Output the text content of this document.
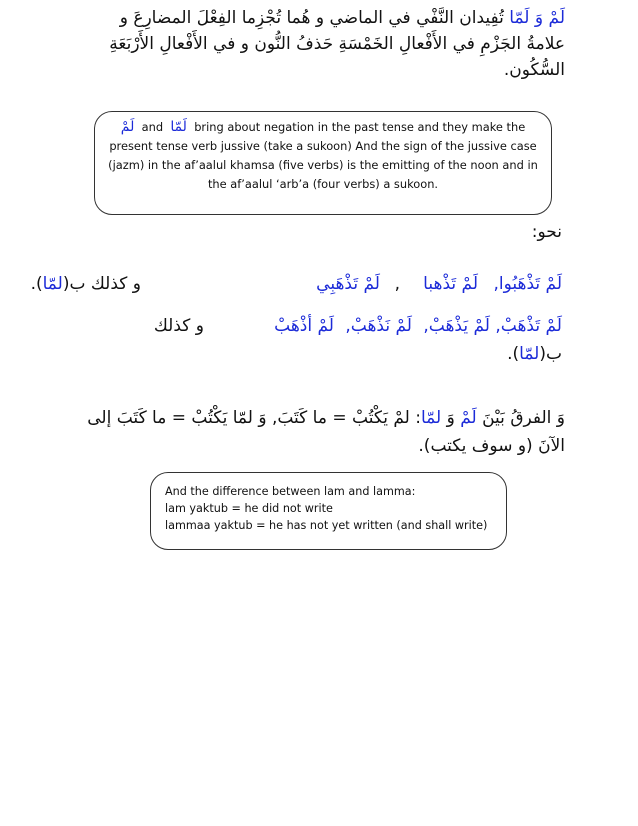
لَمْ وَ لَمّا تُفِيدان النَّفْي في الماضي و هُما تُجْزِما الفِعْلَ المضارِعَ و
علامةُ الجَزْمِ في الأَفْعالِ الخَمْسَةِ حَذفُ النُّون و في الأَفْعالِ الأَرْبَعَةِ
السُّكُون.
لَمْ and لَمّا bring about negation in the past tense and they make the
present tense verb jussive (take a sukoon) And the sign of the jussive case
(jazm) in the af’aalul khamsa (five verbs) is the emitting of the noon and in
the af’aalul ‘arb’a (four verbs) a sukoon.
نحو:
لَمْ تَذْهَبُوا,
لَمْ تَذْهبا
,
لَمْ تَذْهَبِي
و كذلك ب(لمّا).
لَمْ تَذْهَبْ,
لَمْ يَذْهَبْ,
لَمْ نَذْهَبْ,
لَمْ أذْهَبْ
و كذلك
ب(لمّا).
وَ الفرقُ بَيْنَ لَمْ وَ لمّا: لمْ يَكْتُبْ = ما كَتَبَ, وَ لمّا يَكْتُبْ = ما كَتَبَ إلى
الآنَ (و سوف يكتب).
And the difference between lam and lamma:
lam yaktub = he did not write
lammaa yaktub = he has not yet written (and shall write)
